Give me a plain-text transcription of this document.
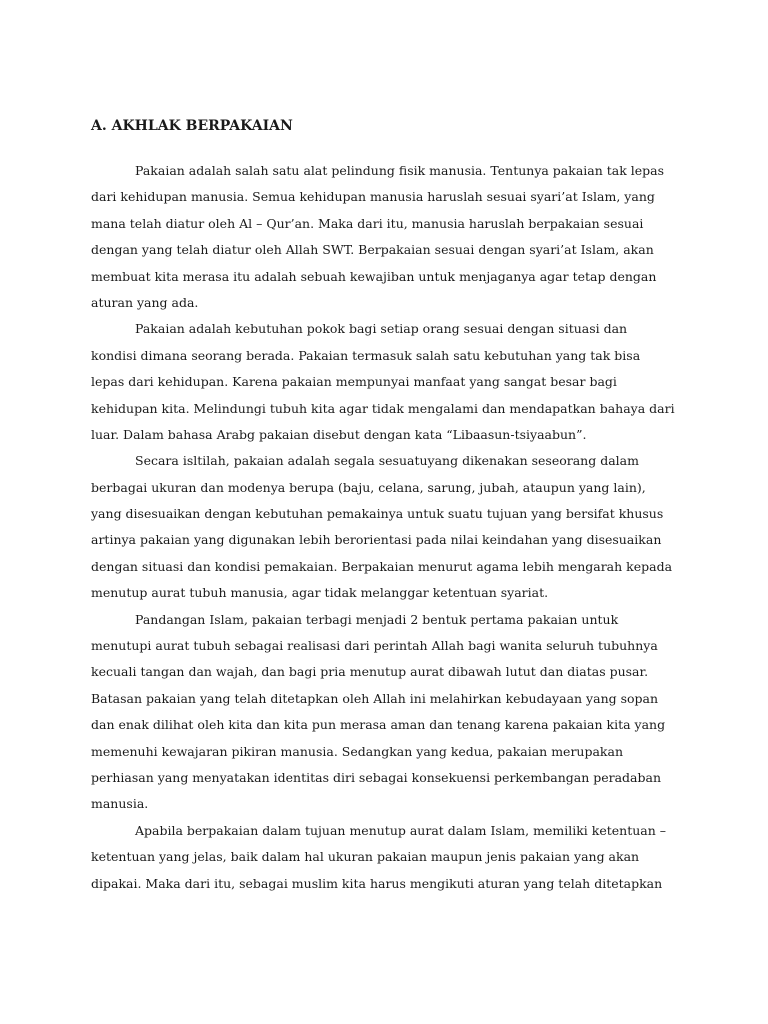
A. AKHLAK BERPAKAIAN
Pakaian adalah salah satu alat pelindung fisik manusia. Tentunya pakaian tak lepas
dari kehidupan manusia. Semua kehidupan manusia haruslah sesuai syari’at Islam, yang
mana telah diatur oleh Al – Qur’an. Maka dari itu, manusia haruslah berpakaian sesuai
dengan yang telah diatur oleh Allah SWT. Berpakaian sesuai dengan syari’at Islam, akan
membuat kita merasa itu adalah sebuah kewajiban untuk menjaganya agar tetap dengan
aturan yang ada.
Pakaian adalah kebutuhan pokok bagi setiap orang sesuai dengan situasi dan
kondisi dimana seorang berada. Pakaian termasuk salah satu kebutuhan yang tak bisa
lepas dari kehidupan. Karena pakaian mempunyai manfaat yang sangat besar bagi
kehidupan kita. Melindungi tubuh kita agar tidak mengalami dan mendapatkan bahaya dari
luar. Dalam bahasa Arabg pakaian disebut dengan kata “Libaasun-tsiyaabun”.
Secara isltilah, pakaian adalah segala sesuatuyang dikenakan seseorang dalam
berbagai ukuran dan modenya berupa (baju, celana, sarung, jubah, ataupun yang lain),
yang disesuaikan dengan kebutuhan pemakainya untuk suatu tujuan yang bersifat khusus
artinya pakaian yang digunakan lebih berorientasi pada nilai keindahan yang disesuaikan
dengan situasi dan kondisi pemakaian. Berpakaian menurut agama lebih mengarah kepada
menutup aurat tubuh manusia, agar tidak melanggar ketentuan syariat.
Pandangan Islam, pakaian terbagi menjadi 2 bentuk pertama pakaian untuk
menutupi aurat tubuh sebagai realisasi dari perintah Allah bagi wanita seluruh tubuhnya
kecuali tangan dan wajah, dan bagi pria menutup aurat dibawah lutut dan diatas pusar.
Batasan pakaian yang telah ditetapkan oleh Allah ini melahirkan kebudayaan yang sopan
dan enak dilihat oleh kita dan kita pun merasa aman dan tenang karena pakaian kita yang
memenuhi kewajaran pikiran manusia. Sedangkan yang kedua, pakaian merupakan
perhiasan yang menyatakan identitas diri sebagai konsekuensi perkembangan peradaban
manusia.
Apabila berpakaian dalam tujuan menutup aurat dalam Islam, memiliki ketentuan –
ketentuan yang jelas, baik dalam hal ukuran pakaian maupun jenis pakaian yang akan
dipakai. Maka dari itu, sebagai muslim kita harus mengikuti aturan yang telah ditetapkan
